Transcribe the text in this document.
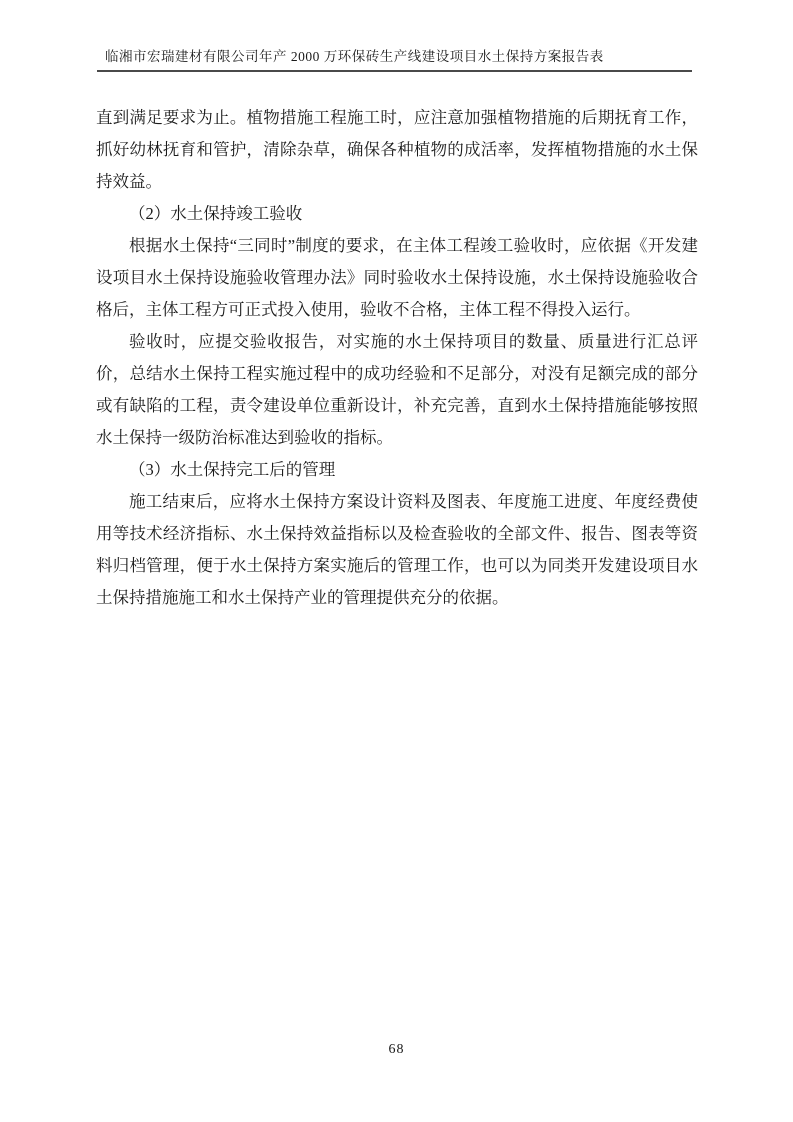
临湘市宏瑞建材有限公司年产 2000 万环保砖生产线建设项目水土保持方案报告表

直到满足要求为止。植物措施工程施工时，应注意加强植物措施的后期抚育工作，抓好幼林抚育和管护，清除杂草，确保各种植物的成活率，发挥植物措施的水土保持效益。

（2）水土保持竣工验收

根据水土保持“三同时”制度的要求，在主体工程竣工验收时，应依据《开发建设项目水土保持设施验收管理办法》同时验收水土保持设施，水土保持设施验收合格后，主体工程方可正式投入使用，验收不合格，主体工程不得投入运行。

验收时，应提交验收报告，对实施的水土保持项目的数量、质量进行汇总评价，总结水土保持工程实施过程中的成功经验和不足部分，对没有足额完成的部分或有缺陷的工程，责令建设单位重新设计，补充完善，直到水土保持措施能够按照水土保持一级防治标准达到验收的指标。

（3）水土保持完工后的管理

施工结束后，应将水土保持方案设计资料及图表、年度施工进度、年度经费使用等技术经济指标、水土保持效益指标以及检查验收的全部文件、报告、图表等资料归档管理，便于水土保持方案实施后的管理工作，也可以为同类开发建设项目水土保持措施施工和水土保持产业的管理提供充分的依据。

68
